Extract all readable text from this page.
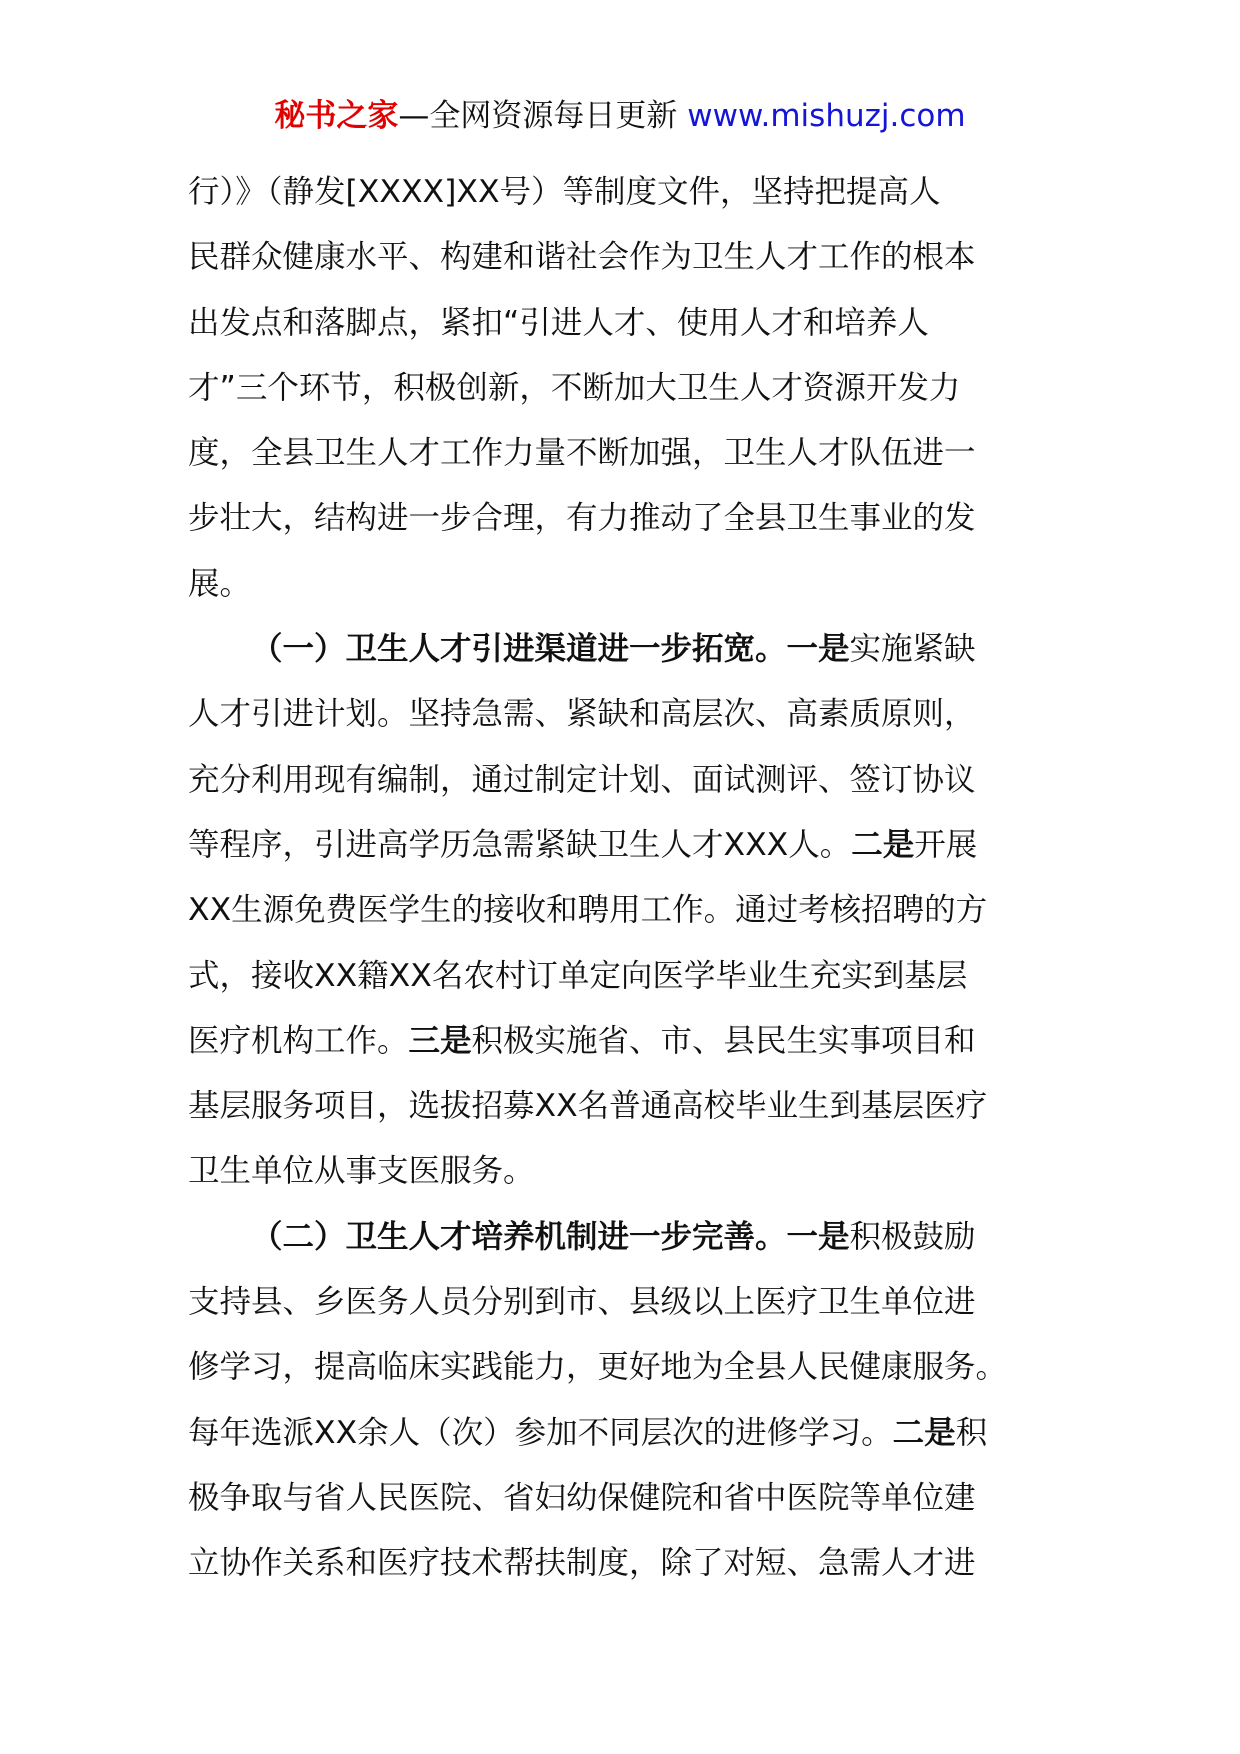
秘书之家—全网资源每日更新 www.mishuzj.com
行）》（静发[XXXX]XX号）等制度文件，坚持把提高人
民群众健康水平、构建和谐社会作为卫生人才工作的根本
出发点和落脚点，紧扣“引进人才、使用人才和培养人
才”三个环节，积极创新，不断加大卫生人才资源开发力
度，全县卫生人才工作力量不断加强，卫生人才队伍进一
步壮大，结构进一步合理，有力推动了全县卫生事业的发
展。
（一）卫生人才引进渠道进一步拓宽。一是实施紧缺
人才引进计划。坚持急需、紧缺和高层次、高素质原则，
充分利用现有编制，通过制定计划、面试测评、签订协议
等程序，引进高学历急需紧缺卫生人才XXX人。二是开展
XX生源免费医学生的接收和聘用工作。通过考核招聘的方
式，接收XX籍XX名农村订单定向医学毕业生充实到基层
医疗机构工作。三是积极实施省、市、县民生实事项目和
基层服务项目，选拔招募XX名普通高校毕业生到基层医疗
卫生单位从事支医服务。
（二）卫生人才培养机制进一步完善。一是积极鼓励
支持县、乡医务人员分别到市、县级以上医疗卫生单位进
修学习，提高临床实践能力，更好地为全县人民健康服务。
每年选派XX余人（次）参加不同层次的进修学习。二是积
极争取与省人民医院、省妇幼保健院和省中医院等单位建
立协作关系和医疗技术帮扶制度，除了对短、急需人才进
